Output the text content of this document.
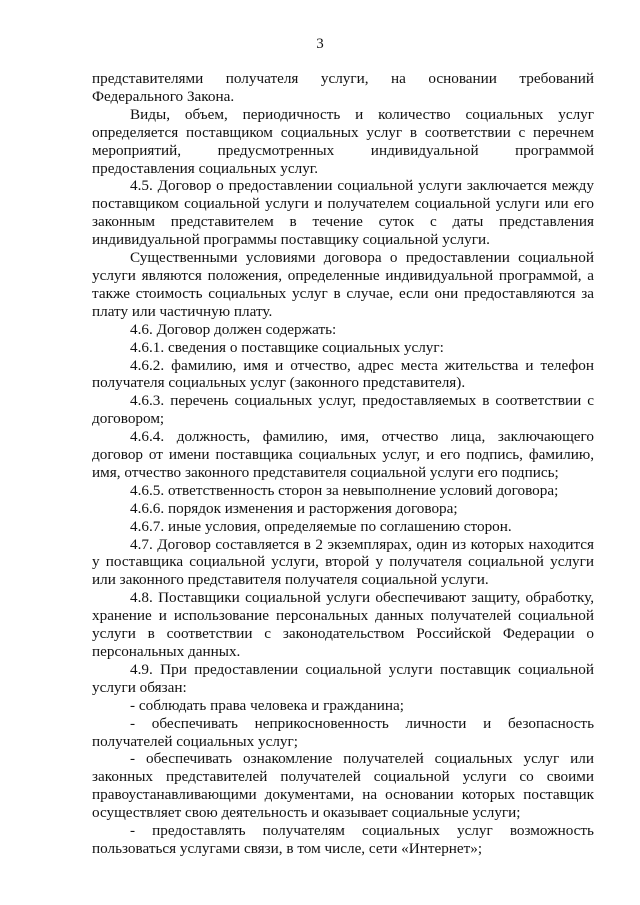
3

представителями получателя услуги, на основании требований Федерального Закона.

Виды, объем, периодичность и количество социальных услуг определяется поставщиком социальных услуг в соответствии с перечнем мероприятий, предусмотренных индивидуальной программой предоставления социальных услуг.

4.5. Договор о предоставлении социальной услуги заключается между поставщиком социальной услуги и получателем социальной услуги или его законным представителем в течение суток с даты представления индивидуальной программы поставщику социальной услуги.

Существенными условиями договора о предоставлении социальной услуги являются положения, определенные индивидуальной программой, а также стоимость социальных услуг в случае, если они предоставляются за плату или частичную плату.

4.6. Договор должен содержать:

4.6.1. сведения о поставщике социальных услуг:

4.6.2. фамилию, имя и отчество, адрес места жительства и телефон получателя социальных услуг (законного представителя).

4.6.3. перечень социальных услуг, предоставляемых в соответствии с договором;

4.6.4. должность, фамилию, имя, отчество лица, заключающего договор от имени поставщика социальных услуг, и его подпись, фамилию, имя, отчество законного представителя социальной услуги его подпись;

4.6.5. ответственность сторон за невыполнение условий договора;

4.6.6. порядок изменения и расторжения договора;

4.6.7. иные условия, определяемые по соглашению сторон.

4.7. Договор составляется в 2 экземплярах, один из которых находится у поставщика социальной услуги, второй у получателя социальной услуги или законного представителя получателя социальной услуги.

4.8. Поставщики социальной услуги обеспечивают защиту, обработку, хранение и использование персональных данных получателей социальной услуги в соответствии с законодательством Российской Федерации о персональных данных.

4.9. При предоставлении социальной услуги поставщик социальной услуги обязан:

- соблюдать права человека и гражданина;

- обеспечивать неприкосновенность личности и безопасность получателей социальных услуг;

- обеспечивать ознакомление получателей социальных услуг или законных представителей получателей социальной услуги со своими правоустанавливающими документами, на основании которых поставщик осуществляет свою деятельность и оказывает социальные услуги;

- предоставлять получателям социальных услуг возможность пользоваться услугами связи, в том числе, сети «Интернет»;
